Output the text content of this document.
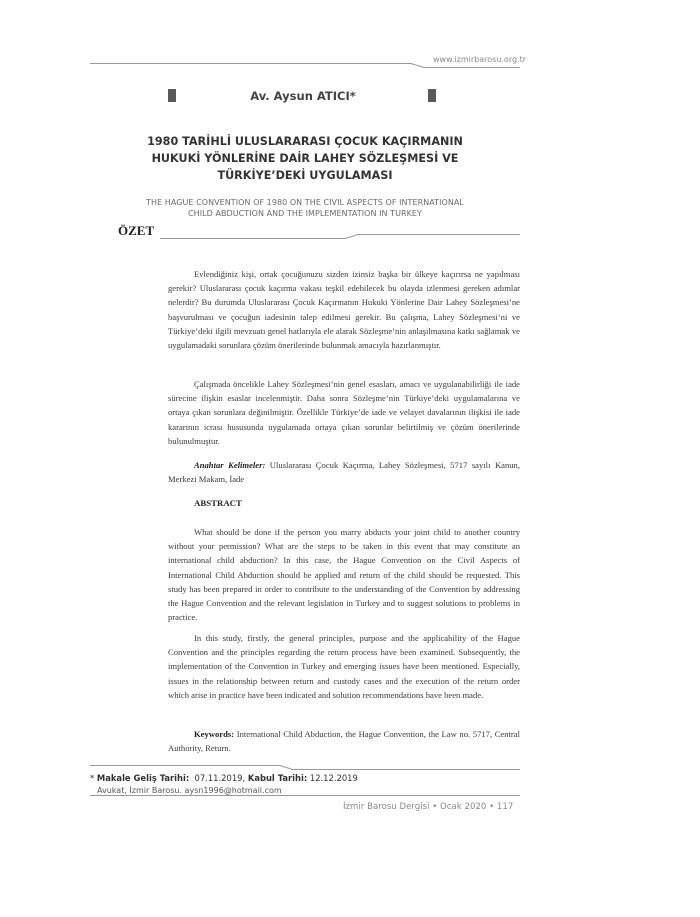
www.izmirbarosu.org.tr
Av. Aysun ATICI*
1980 TARİHLİ ULUSLARARASI ÇOCUK KAÇIRMANIN
HUKUKİ YÖNLERİNE DAİR LAHEY SÖZLEŞMESİ VE
TÜRKİYE’DEKİ UYGULAMASI
THE HAGUE CONVENTION OF 1980 ON THE CIVIL ASPECTS OF INTERNATIONAL
CHILD ABDUCTION AND THE IMPLEMENTATION IN TURKEY
ÖZET

Evlendiğiniz kişi, ortak çocuğunuzu sizden izinsiz başka bir ülkeye kaçırırsa ne yapılması gerekir? Uluslararası çocuk kaçırma vakası teşkil edebilecek bu olayda izlenmesi gereken adımlar nelerdir? Bu durumda Uluslararası Çocuk Kaçırmanın Hukuki Yönlerine Dair Lahey Sözleşmesi’ne başvurulması ve çocuğun iadesinin talep edilmesi gerekir. Bu çalışma, Lahey Sözleşmesi’ni ve Türkiye’deki ilgili mevzuatı genel hatlarıyla ele alarak Sözleşme’nin anlaşılmasına katkı sağlamak ve uygulamadaki sorunlara çözüm önerilerinde bulunmak amacıyla hazırlanmıştır.

Çalışmada öncelikle Lahey Sözleşmesi’nin genel esasları, amacı ve uygulanabilirliği ile iade sürecine ilişkin esaslar incelenmiştir. Daha sonra Sözleşme’nin Türkiye’deki uygulamalarına ve ortaya çıkan sorunlara değinilmiştir. Özellikle Türkiye’de iade ve velayet davalarının ilişkisi ile iade kararının icrası hususunda uygulamada ortaya çıkan sorunlar belirtilmiş ve çözüm önerilerinde bulunulmuştur.

Anahtar Kelimeler: Uluslararası Çocuk Kaçırma, Lahey Sözleşmesi, 5717 sayılı Kanun, Merkezi Makam, İade

ABSTRACT

What should be done if the person you marry abducts your joint child to another country without your permission? What are the steps to be taken in this event that may constitute an international child abduction? In this case, the Hague Convention on the Civil Aspects of International Child Abduction should be applied and return of the child should be requested. This study has been prepared in order to contribute to the understanding of the Convention by addressing the Hague Convention and the relevant legislation in Turkey and to suggest solutions to problems in practice.

In this study, firstly, the general principles, purpose and the applicability of the Hague Convention and the principles regarding the return process have been examined. Subsequently, the implementation of the Convention in Turkey and emerging issues have been mentioned. Especially, issues in the relationship between return and custody cases and the execution of the return order which arise in practice have been indicated and solution recommendations have been made.

Keywords: International Child Abduction, the Hague Convention, the Law no. 5717, Central Authority, Return.

* Makale Geliş Tarihi: 07.11.2019, Kabul Tarihi: 12.12.2019
Avukat, İzmir Barosu. aysn1996@hotmail.com
İzmir Barosu Dergisi • Ocak 2020 • 117
